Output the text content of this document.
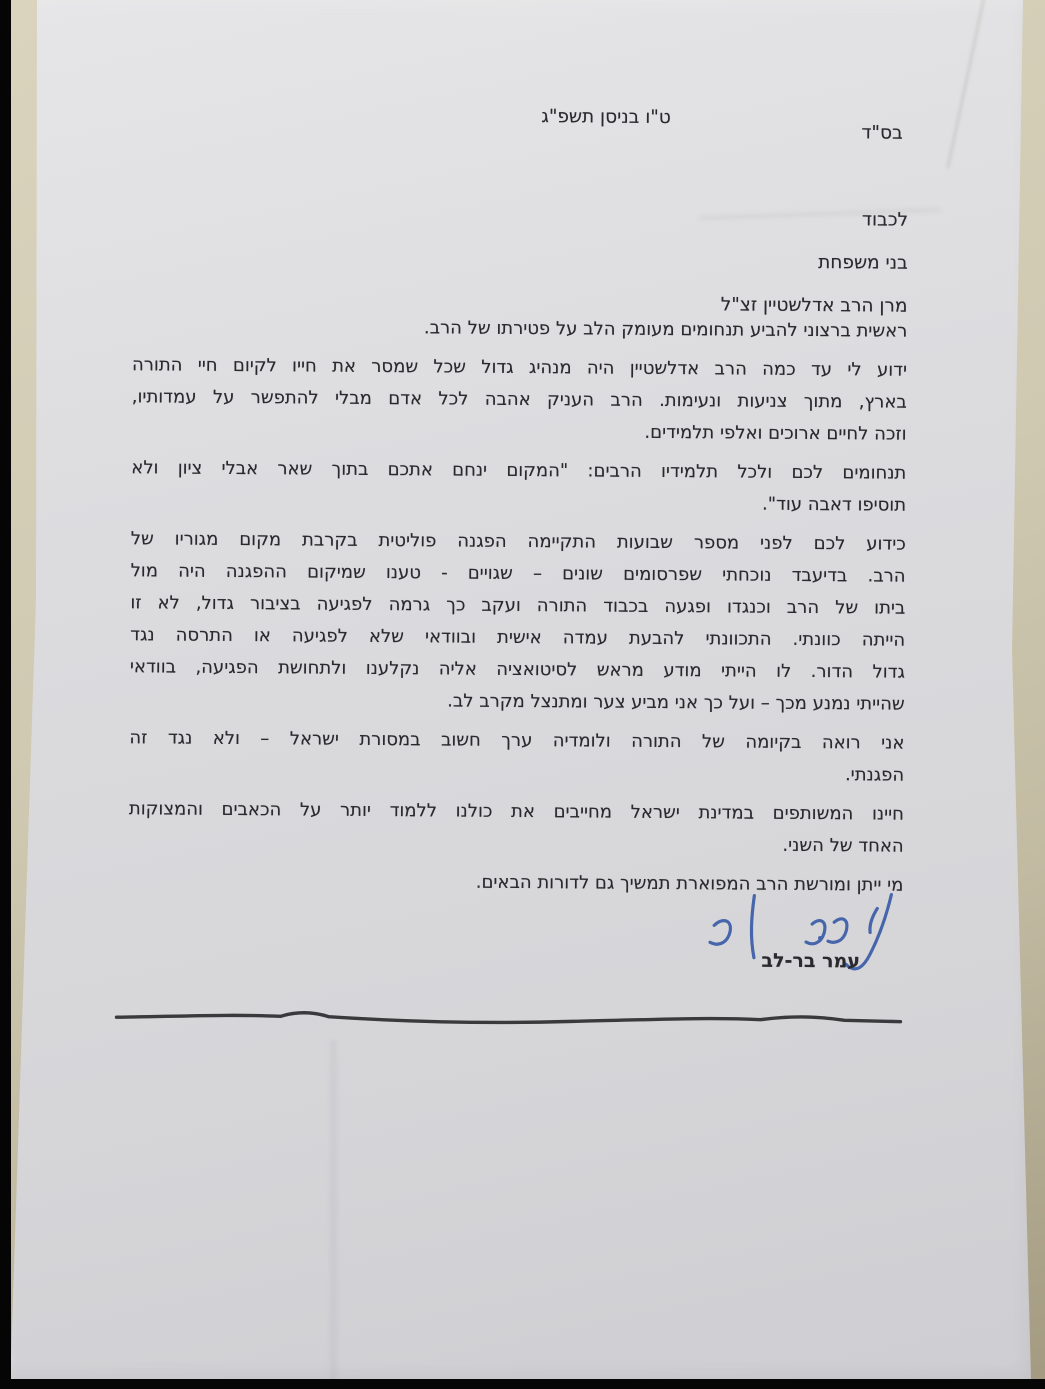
בס"ד
ט"ו בניסן תשפ"ג
לכבוד
בני משפחת
מרן הרב אדלשטיין זצ"ל
ראשית ברצוני להביע תנחומים מעומק הלב על פטירתו של הרב.
ידוע לי עד כמה הרב אדלשטיין היה מנהיג גדול שכל שמסר את חייו לקיום חיי התורה
בארץ, מתוך צניעות ונעימות. הרב העניק אהבה לכל אדם מבלי להתפשר על עמדותיו,
וזכה לחיים ארוכים ואלפי תלמידים.
תנחומים לכם ולכל תלמידיו הרבים: "המקום ינחם אתכם בתוך שאר אבלי ציון ולא
תוסיפו דאבה עוד".
כידוע לכם לפני מספר שבועות התקיימה הפגנה פוליטית בקרבת מקום מגוריו של
הרב. בדיעבד נוכחתי שפרסומים שונים – שגויים - טענו שמיקום ההפגנה היה מול
ביתו של הרב וכנגדו ופגעה בכבוד התורה ועקב כך גרמה לפגיעה בציבור גדול, לא זו
הייתה כוונתי. התכוונתי להבעת עמדה אישית ובוודאי שלא לפגיעה או התרסה נגד
גדול הדור. לו הייתי מודע מראש לסיטואציה אליה נקלענו ולתחושת הפגיעה, בוודאי
שהייתי נמנע מכך – ועל כך אני מביע צער ומתנצל מקרב לב.
אני רואה בקיומה של התורה ולומדיה ערך חשוב במסורת ישראל – ולא נגד זה
הפגנתי.
חיינו המשותפים במדינת ישראל מחייבים את כולנו ללמוד יותר על הכאבים והמצוקות
האחד של השני.
מי ייתן ומורשת הרב המפוארת תמשיך גם לדורות הבאים.
עמר בר-לב
